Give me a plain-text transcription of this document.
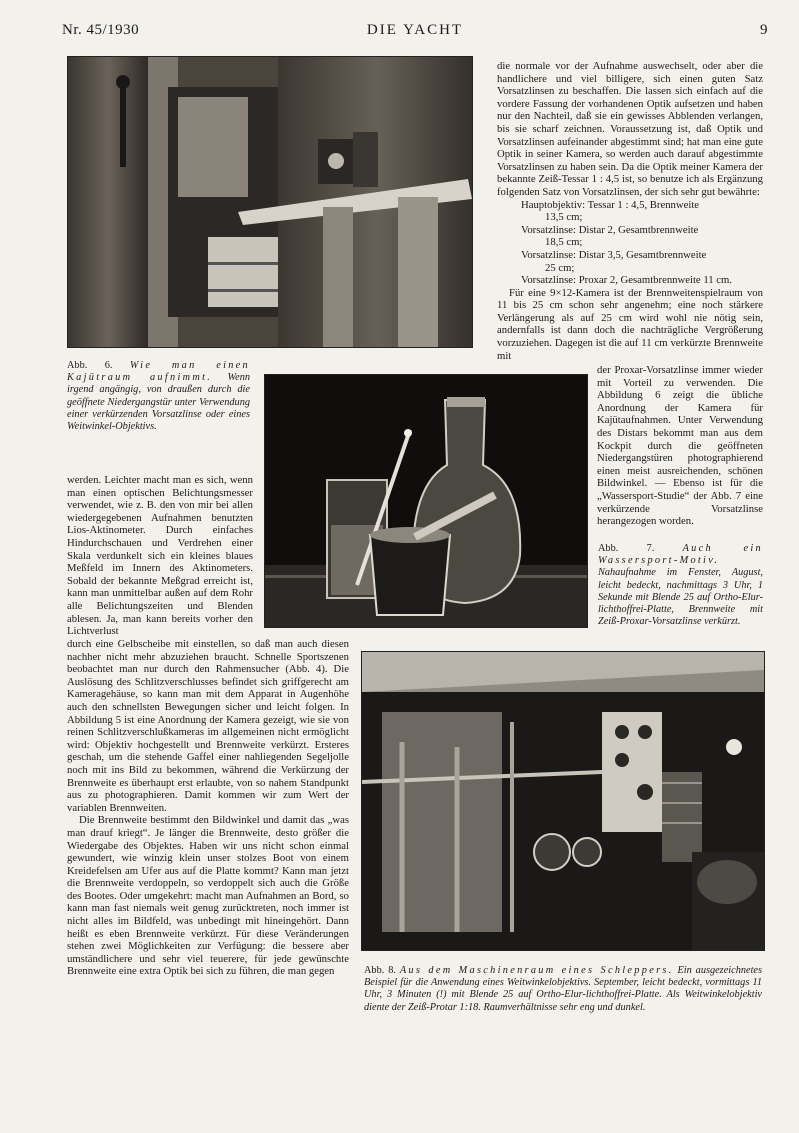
Nr. 45/1930	DIE YACHT	9

die normale vor der Aufnahme auswechselt, oder aber die handlichere und viel billigere, sich einen guten Satz Vorsatzlinsen zu beschaffen. Die lassen sich einfach auf die vordere Fassung der vorhandenen Optik aufsetzen und haben nur den Nachteil, daß sie ein gewisses Abblenden verlangen, bis sie scharf zeichnen. Voraussetzung ist, daß Optik und Vorsatzlinsen aufeinander abgestimmt sind; hat man eine gute Optik in seiner Kamera, so werden auch darauf abgestimmte Vorsatzlinsen zu haben sein. Da die Optik meiner Kamera der bekannte Zeiß-Tessar 1 : 4,5 ist, so benutze ich als Ergänzung folgenden Satz von Vorsatzlinsen, der sich sehr gut bewährte:

Hauptobjektiv: Tessar 1 : 4,5, Brennweite
13,5 cm;

Vorsatzlinse: Distar 2, Gesamtbrennweite
18,5 cm;

Vorsatzlinse: Distar 3,5, Gesamtbrennweite
25 cm;

Vorsatzlinse: Proxar 2, Gesamtbrennweite 11 cm.

Für eine 9×12-Kamera ist der Brennweitenspielraum von 11 bis 25 cm schon sehr angenehm; eine noch stärkere Verlängerung als auf 25 cm wird wohl nie nötig sein, andernfalls ist dann doch die nachträgliche Vergrößerung vorzuziehen. Dagegen ist die auf 11 cm verkürzte Brennweite mit

Abb. 6. Wie man einen Kajütraum aufnimmt. Wenn irgend angängig, von draußen durch die geöffnete Niedergangstür unter Verwendung einer verkürzenden Vorsatzlinse oder eines Weitwinkel-Objektivs.

der Proxar-Vorsatzlinse immer wieder mit Vorteil zu verwenden. Die Abbildung 6 zeigt die übliche Anordnung der Kamera für Kajütaufnahmen. Unter Verwendung des Distars bekommt man aus dem Kockpit durch die geöffneten Niedergangstüren photographierend einen meist ausreichenden, schönen Bildwinkel. — Ebenso ist für die „Wassersport-Studie“ der Abb. 7 eine verkürzende Vorsatzlinse herangezogen worden.

Abb. 7.	Auch ein Wassersport-Motiv. Nahaufnahme im Fenster, August, leicht bedeckt, nachmittags 3 Uhr, 1 Sekunde mit Blende 25 auf Ortho-Elur-lichthoffrei-Platte, Brennweite mit Zeiß-Proxar-Vorsatzlinse verkürzt.

werden. Leichter macht man es sich, wenn man einen optischen Belichtungsmesser verwendet, wie z. B. den von mir bei allen wiedergegebenen Aufnahmen benutzten Lios-Aktinometer. Durch einfaches Hindurchschauen und Verdrehen einer Skala verdunkelt sich ein kleines blaues Meßfeld im Innern des Aktinometers. Sobald der bekannte Meßgrad erreicht ist, kann man unmittelbar außen auf dem Rohr alle Belichtungszeiten und Blenden ablesen. Ja, man kann bereits vorher den Lichtverlust

durch eine Gelbscheibe mit einstellen, so daß man auch diesen nachher nicht mehr abzuziehen braucht. Schnelle Sportszenen beobachtet man nur durch den Rahmensucher (Abb. 4). Die Auslösung des Schlitzverschlusses befindet sich griffgerecht am Kameragehäuse, so kann man mit dem Apparat in Augenhöhe auch den schnellsten Bewegungen sicher und leicht folgen. In Abbildung 5 ist eine Anordnung der Kamera gezeigt, wie sie von reinen Schlitzverschlußkameras im allgemeinen nicht ermöglicht wird: Objektiv hochgestellt und Brennweite verkürzt. Ersteres geschah, um die stehende Gaffel einer nahliegenden Segeljolle noch mit ins Bild zu bekommen, während die Verkürzung der Brennweite es überhaupt erst erlaubte, von so nahem Standpunkt aus zu photographieren. Damit kommen wir zum Wert der variablen Brennweiten.

Die Brennweite bestimmt den Bildwinkel und damit das „was man drauf kriegt“. Je länger die Brennweite, desto größer die Wiedergabe des Objektes. Haben wir uns nicht schon einmal gewundert, wie winzig klein unser stolzes Boot von einem Kreidefelsen am Ufer aus auf die Platte kommt? Kann man jetzt die Brennweite verdoppeln, so verdoppelt sich auch die Größe des Bootes. Oder umgekehrt: macht man Aufnahmen an Bord, so kann man fast niemals weit genug zurücktreten, noch immer ist nicht alles im Bildfeld, was unbedingt mit hineingehört. Dann heißt es eben Brennweite verkürzt. Für diese Veränderungen stehen zwei Möglichkeiten zur Verfügung: die bessere aber umständlichere und sehr viel teuerere, für jede gewünschte Brennweite eine extra Optik bei sich zu führen, die man gegen	Abb. 8. Aus dem Maschinenraum eines Schleppers. Ein ausgezeichnetes Beispiel für die Anwendung eines Weitwinkelobjektivs. September, leicht bedeckt, vormittags 11 Uhr, 3 Minuten (!) mit Blende 25 auf Ortho-Elur-lichthoffrei-Platte. Als Weitwinkelobjektiv diente der Zeiß-Protar 1:18. Raumverhältnisse sehr eng und dunkel.
